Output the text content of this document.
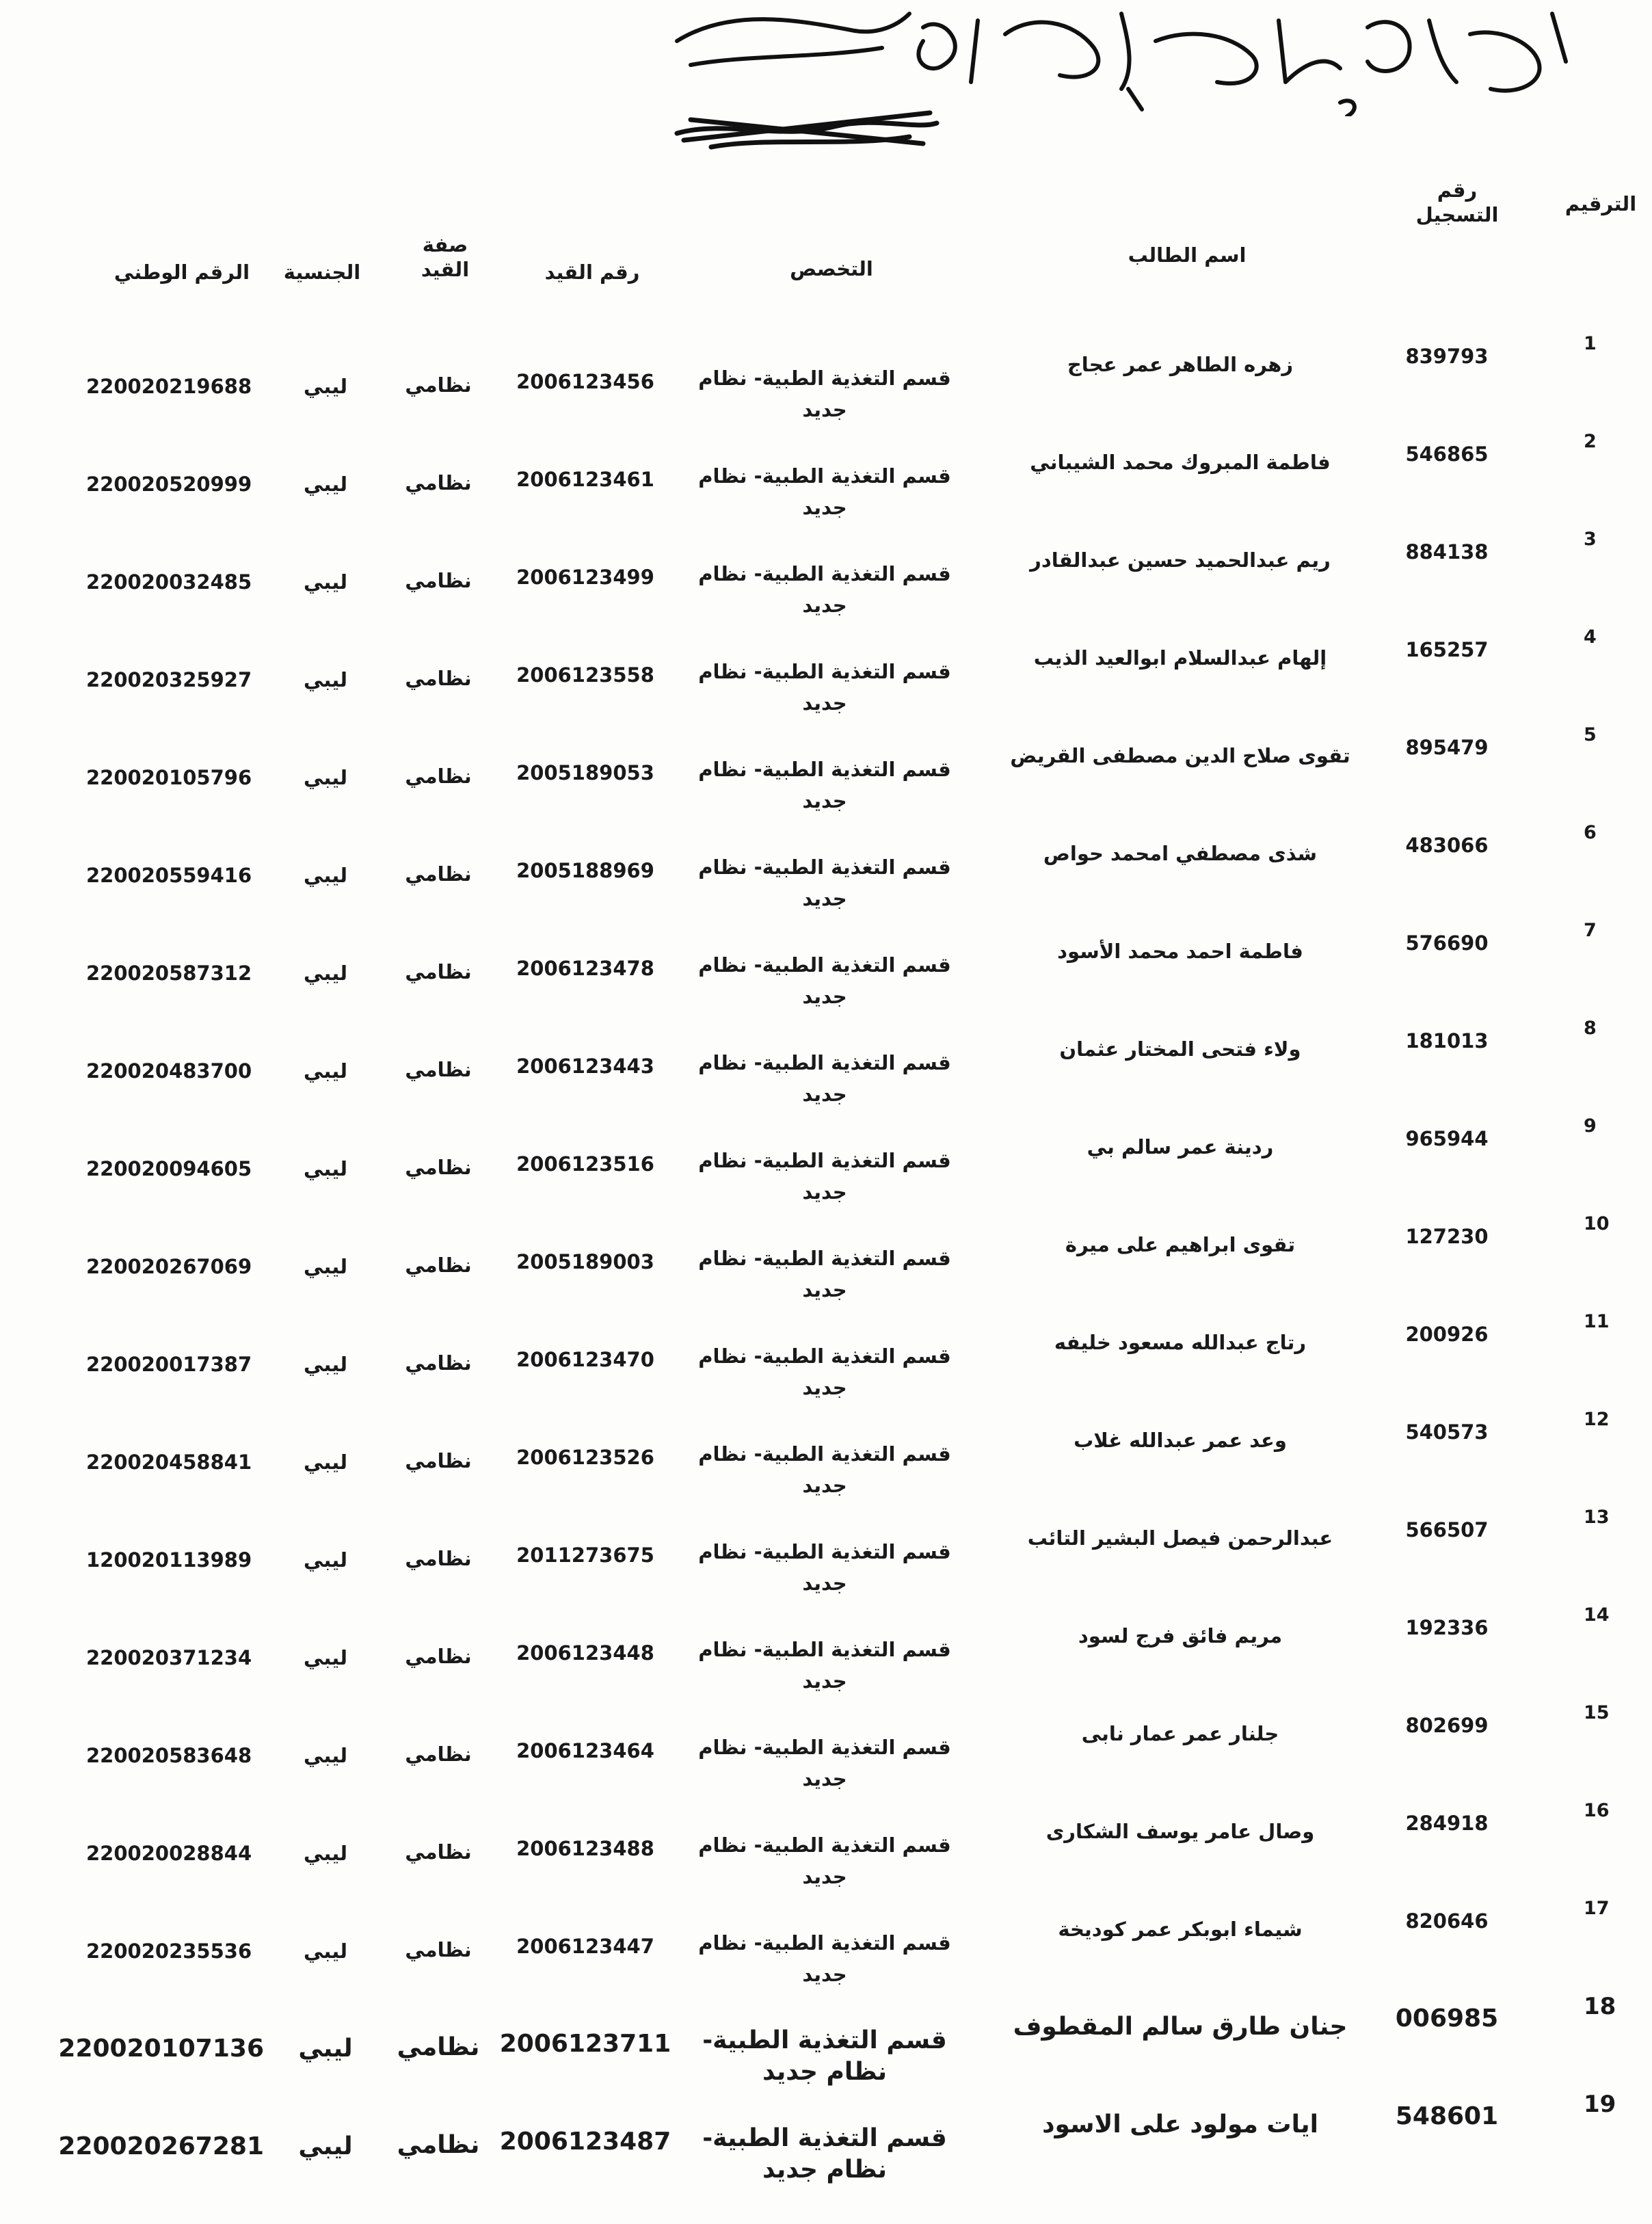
الترقيم
رقم التسجيل
اسم الطالب
التخصص
رقم القيد
صفة القيد
الجنسية
الرقم الوطني
1
839793
زهره الطاهر عمر عجاج
قسم التغذية الطبية- نظام جديد
2006123456
نظامي
ليبي
220020219688
2
546865
فاطمة المبروك محمد الشيباني
قسم التغذية الطبية- نظام جديد
2006123461
نظامي
ليبي
220020520999
3
884138
ريم عبدالحميد حسين عبدالقادر
قسم التغذية الطبية- نظام جديد
2006123499
نظامي
ليبي
220020032485
4
165257
إلهام عبدالسلام ابوالعيد الذيب
قسم التغذية الطبية- نظام جديد
2006123558
نظامي
ليبي
220020325927
5
895479
تقوى صلاح الدين مصطفى القريض
قسم التغذية الطبية- نظام جديد
2005189053
نظامي
ليبي
220020105796
6
483066
شذى مصطفي امحمد حواص
قسم التغذية الطبية- نظام جديد
2005188969
نظامي
ليبي
220020559416
7
576690
فاطمة احمد محمد الأسود
قسم التغذية الطبية- نظام جديد
2006123478
نظامي
ليبي
220020587312
8
181013
ولاء فتحى المختار عثمان
قسم التغذية الطبية- نظام جديد
2006123443
نظامي
ليبي
220020483700
9
965944
ردينة عمر سالم بي
قسم التغذية الطبية- نظام جديد
2006123516
نظامي
ليبي
220020094605
10
127230
تقوى ابراهيم على ميرة
قسم التغذية الطبية- نظام جديد
2005189003
نظامي
ليبي
220020267069
11
200926
رتاج عبدالله مسعود خليفه
قسم التغذية الطبية- نظام جديد
2006123470
نظامي
ليبي
220020017387
12
540573
وعد عمر عبدالله غلاب
قسم التغذية الطبية- نظام جديد
2006123526
نظامي
ليبي
220020458841
13
566507
عبدالرحمن فيصل البشير التائب
قسم التغذية الطبية- نظام جديد
2011273675
نظامي
ليبي
120020113989
14
192336
مريم فائق فرج لسود
قسم التغذية الطبية- نظام جديد
2006123448
نظامي
ليبي
220020371234
15
802699
جلنار عمر عمار نابى
قسم التغذية الطبية- نظام جديد
2006123464
نظامي
ليبي
220020583648
16
284918
وصال عامر يوسف الشكارى
قسم التغذية الطبية- نظام جديد
2006123488
نظامي
ليبي
220020028844
17
820646
شيماء ابوبكر عمر كوديخة
قسم التغذية الطبية- نظام جديد
2006123447
نظامي
ليبي
220020235536
18
006985
جنان طارق سالم المقطوف
قسم التغذية الطبية- نظام جديد
2006123711
نظامي
ليبي
220020107136
19
548601
ايات مولود على الاسود
قسم التغذية الطبية- نظام جديد
2006123487
نظامي
ليبي
220020267281
